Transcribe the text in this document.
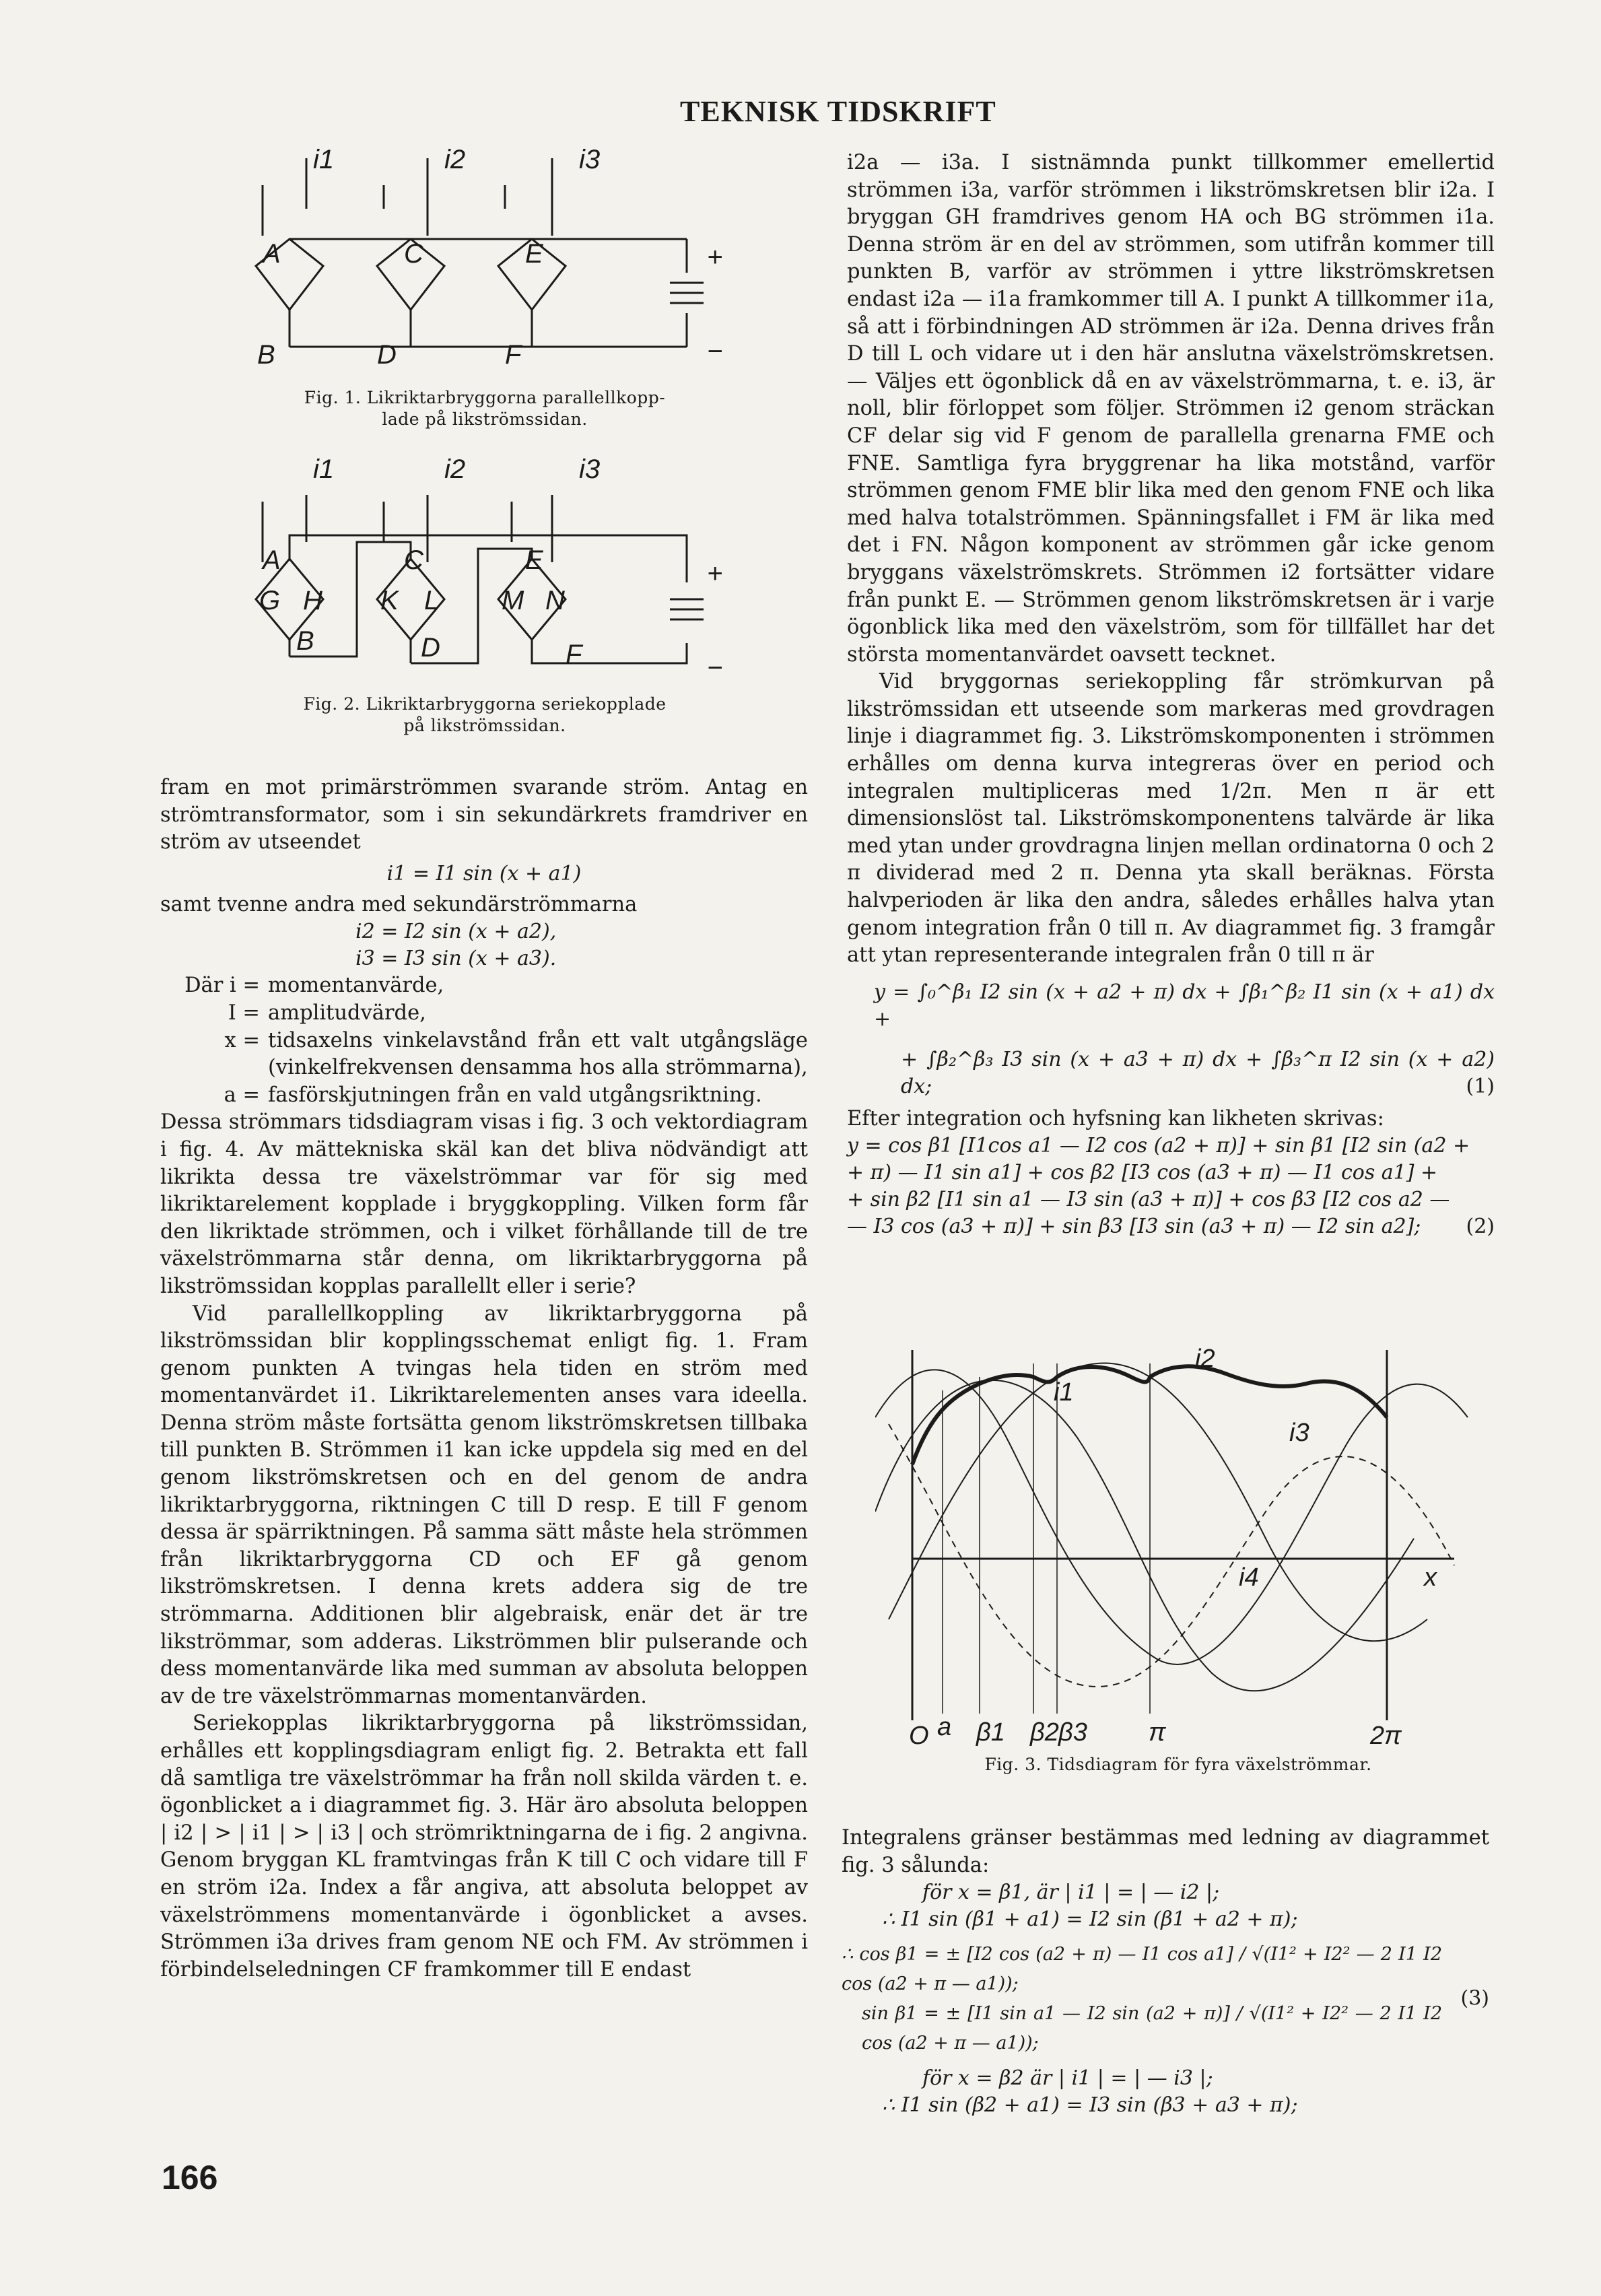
TEKNISK TIDSKRIFT
i1	i2	i3
A	C	E
B	D	F
+
−
Fig. 1. Likriktarbryggorna parallellkopp-
lade på likströmssidan.
i1	i2	i3
A	C	E
G H K L M N
B	D	F
+
−
Fig. 2. Likriktarbryggorna seriekopplade
på likströmssidan.

fram en mot primärströmmen svarande ström. Antag en strömtransformator, som i sin sekundärkrets framdriver en ström av utseendet

i1 = I1 sin (x + a1)

samt tvenne andra med sekundärströmmarna

i2 = I2 sin (x + a2),
i3 = I3 sin (x + a3).
Där i = momentanvärde,
I = amplitudvärde,
x = tidsaxelns vinkelavstånd från ett valt utgångsläge (vinkelfrekvensen densamma hos alla strömmarna),
a = fasförskjutningen från en vald utgångsriktning.

Dessa strömmars tidsdiagram visas i fig. 3 och vektordiagram i fig. 4. Av mättekniska skäl kan det bliva nödvändigt att likrikta dessa tre växelströmmar var för sig med likriktarelement kopplade i bryggkoppling. Vilken form får den likriktade strömmen, och i vilket förhållande till de tre växelströmmarna står denna, om likriktarbryggorna på likströmssidan kopplas parallellt eller i serie?

Vid parallellkoppling av likriktarbryggorna på likströmssidan blir kopplingsschemat enligt fig. 1. Fram genom punkten A tvingas hela tiden en ström med momentanvärdet i1. Likriktarelementen anses vara ideella. Denna ström måste fortsätta genom likströmskretsen tillbaka till punkten B. Strömmen i1 kan icke uppdela sig med en del genom likströmskretsen och en del genom de andra likriktarbryggorna, riktningen C till D resp. E till F genom dessa är spärriktningen. På samma sätt måste hela strömmen från likriktarbryggorna CD och EF gå genom likströmskretsen. I denna krets addera sig de tre strömmarna. Additionen blir algebraisk, enär det är tre likströmmar, som adderas. Likströmmen blir pulserande och dess momentanvärde lika med summan av absoluta beloppen av de tre växelströmmarnas momentanvärden.

Seriekopplas likriktarbryggorna på likströmssidan, erhålles ett kopplingsdiagram enligt fig. 2. Betrakta ett fall då samtliga tre växelströmmar ha från noll skilda värden t. e. ögonblicket a i diagrammet fig. 3. Här äro absoluta beloppen | i2 | > | i1 | > | i3 | och strömriktningarna de i fig. 2 angivna. Genom bryggan KL framtvingas från K till C och vidare till F en ström i2a. Index a får angiva, att absoluta beloppet av växelströmmens momentanvärde i ögonblicket a avses. Strömmen i3a drives fram genom NE och FM. Av strömmen i förbindelseledningen CF framkommer till E endast

i2a — i3a. I sistnämnda punkt tillkommer emellertid strömmen i3a, varför strömmen i likströmskretsen blir i2a. I bryggan GH framdrives genom HA och BG strömmen i1a. Denna ström är en del av strömmen, som utifrån kommer till punkten B, varför av strömmen i yttre likströmskretsen endast i2a — i1a framkommer till A. I punkt A tillkommer i1a, så att i förbindningen AD strömmen är i2a. Denna drives från D till L och vidare ut i den här anslutna växelströmskretsen. — Väljes ett ögonblick då en av växelströmmarna, t. e. i3, är noll, blir förloppet som följer. Strömmen i2 genom sträckan CF delar sig vid F genom de parallella grenarna FME och FNE. Samtliga fyra bryggrenar ha lika motstånd, varför strömmen genom FME blir lika med den genom FNE och lika med halva totalströmmen. Spänningsfallet i FM är lika med det i FN. Någon komponent av strömmen går icke genom bryggans växelströmskrets. Strömmen i2 fortsätter vidare från punkt E. — Strömmen genom likströmskretsen är i varje ögonblick lika med den växelström, som för tillfället har det största momentanvärdet oavsett tecknet.

Vid bryggornas seriekoppling får strömkurvan på likströmssidan ett utseende som markeras med grovdragen linje i diagrammet fig. 3. Likströmskomponenten i strömmen erhålles om denna kurva integreras över en period och integralen multipliceras med 1/2π. Men π är ett dimensionslöst tal. Likströmskomponentens talvärde är lika med ytan under grovdragna linjen mellan ordinatorna 0 och 2 π dividerad med 2 π. Denna yta skall beräknas. Första halvperioden är lika den andra, således erhålles halva ytan genom integration från 0 till π. Av diagrammet fig. 3 framgår att ytan representerande integralen från 0 till π är

y = ∫₀^β₁ I2 sin (x + a2 + π) dx + ∫β₁^β₂ I1 sin (x + a1) dx +
+ ∫β₂^β₃ I3 sin (x + a3 + π) dx + ∫β₃^π I2 sin (x + a2) dx;	(1)

Efter integration och hyfsning kan likheten skrivas:

y = cos β1 [I1cos a1 — I2 cos (a2 + π)] + sin β1 [I2 sin (a2 +
+ π) — I1 sin a1] + cos β2 [I3 cos (a3 + π) — I1 cos a1] +
+ sin β2 [I1 sin a1 — I3 sin (a3 + π)] + cos β3 [I2 cos a2 —
— I3 cos (a3 + π)] + sin β3 [I3 sin (a3 + π) — I2 sin a2];	(2)
i1
i2
i3
i4	x
O a β1 β2 β3 π	2π
Fig. 3. Tidsdiagram för fyra växelströmmar.

Integralens gränser bestämmas med ledning av diagrammet fig. 3 sålunda:

för x = β1, är | i1 | = | — i2 |;
∴ I1 sin (β1 + a1) = I2 sin (β1 + a2 + π);
∴ cos β1 = ± [I2 cos (a2 + π) — I1 cos a1] / √(I1² + I2² — 2 I1 I2 cos (a2 + π — a1));
sin β1 = ± [I1 sin a1 — I2 sin (a2 + π)] / √(I1² + I2² — 2 I1 I2 cos (a2 + π — a1));
(3)
för x = β2 är | i1 | = | — i3 |;
∴ I1 sin (β2 + a1) = I3 sin (β3 + a3 + π);
166
